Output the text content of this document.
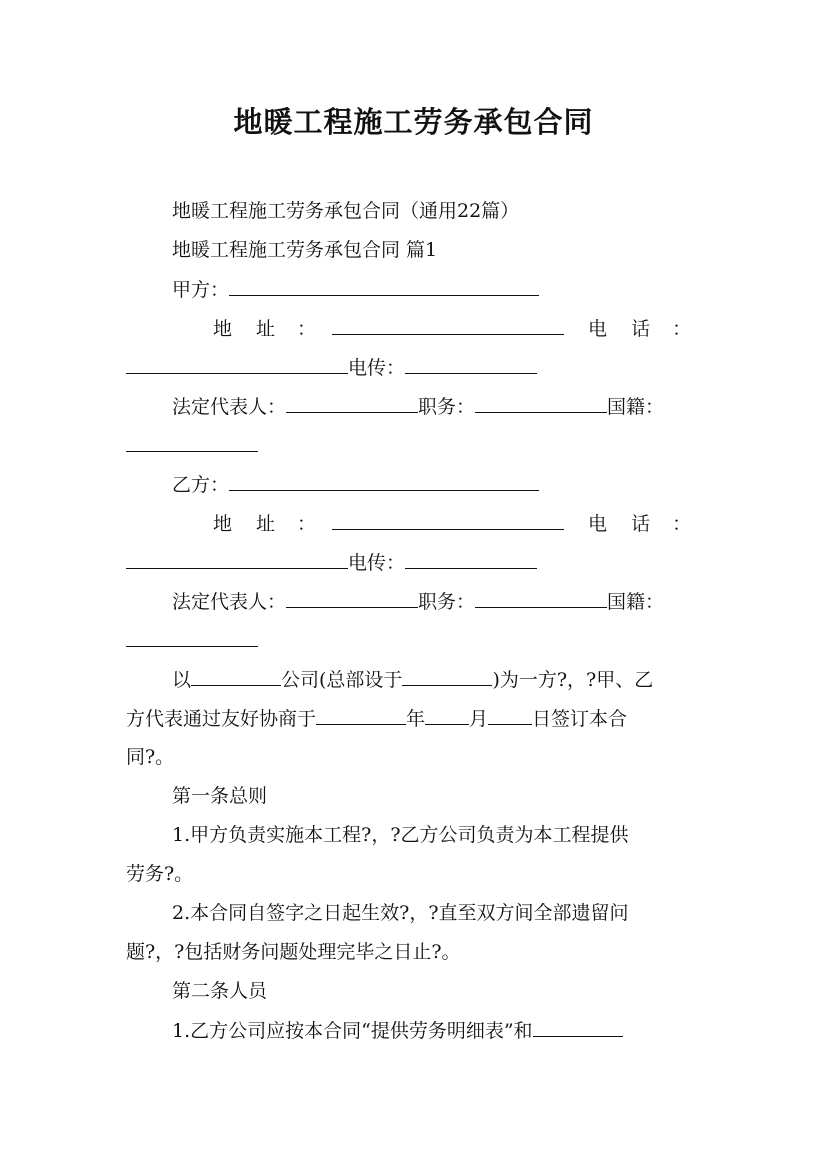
地暖工程施工劳务承包合同
地暖工程施工劳务承包合同（通用22篇）
地暖工程施工劳务承包合同 篇1
甲方：
地 址 ：	电 话 ：
电传：
法定代表人：	职务：	国籍：
乙方：
地 址 ：	电 话 ：
电传：
法定代表人：	职务：	国籍：
以	公司(总部设于	)为一方?，?甲、乙
方代表通过友好协商于	年 月 日签订本合
同?。
第一条总则
1.甲方负责实施本工程?，?乙方公司负责为本工程提供
劳务?。
2.本合同自签字之日起生效?，?直至双方间全部遗留问
题?，?包括财务问题处理完毕之日止?。
第二条人员
1.乙方公司应按本合同“提供劳务明细表”和
